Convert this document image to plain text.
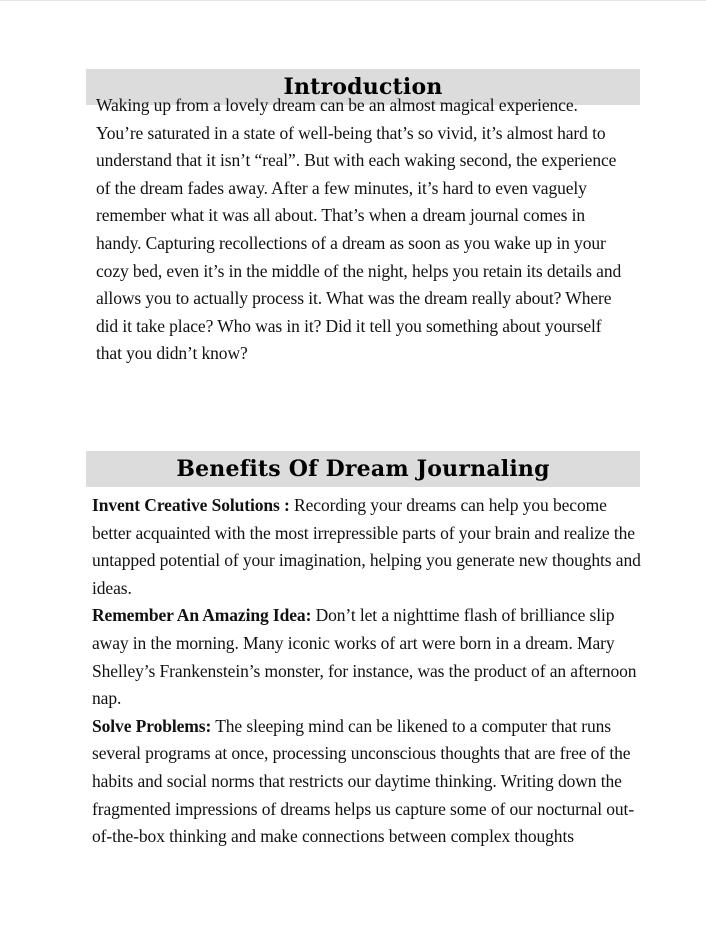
Introduction

Waking up from a lovely dream can be an almost magical experience. You’re saturated in a state of well-being that’s so vivid, it’s almost hard to understand that it isn’t “real”. But with each waking second, the experience of the dream fades away. After a few minutes, it’s hard to even vaguely remember what it was all about. That’s when a dream journal comes in handy. Capturing recollections of a dream as soon as you wake up in your cozy bed, even it’s in the middle of the night, helps you retain its details and allows you to actually process it. What was the dream really about? Where did it take place? Who was in it? Did it tell you something about yourself that you didn’t know?

Benefits Of Dream Journaling

Invent Creative Solutions : Recording your dreams can help you become better acquainted with the most irrepressible parts of your brain and realize the untapped potential of your imagination, helping you generate new thoughts and ideas.

Remember An Amazing Idea: Don’t let a nighttime flash of brilliance slip away in the morning. Many iconic works of art were born in a dream. Mary Shelley’s Frankenstein’s monster, for instance, was the product of an afternoon nap.

Solve Problems: The sleeping mind can be likened to a computer that runs several programs at once, processing unconscious thoughts that are free of the habits and social norms that restricts our daytime thinking. Writing down the fragmented impressions of dreams helps us capture some of our nocturnal out-of-the-box thinking and make connections between complex thoughts
